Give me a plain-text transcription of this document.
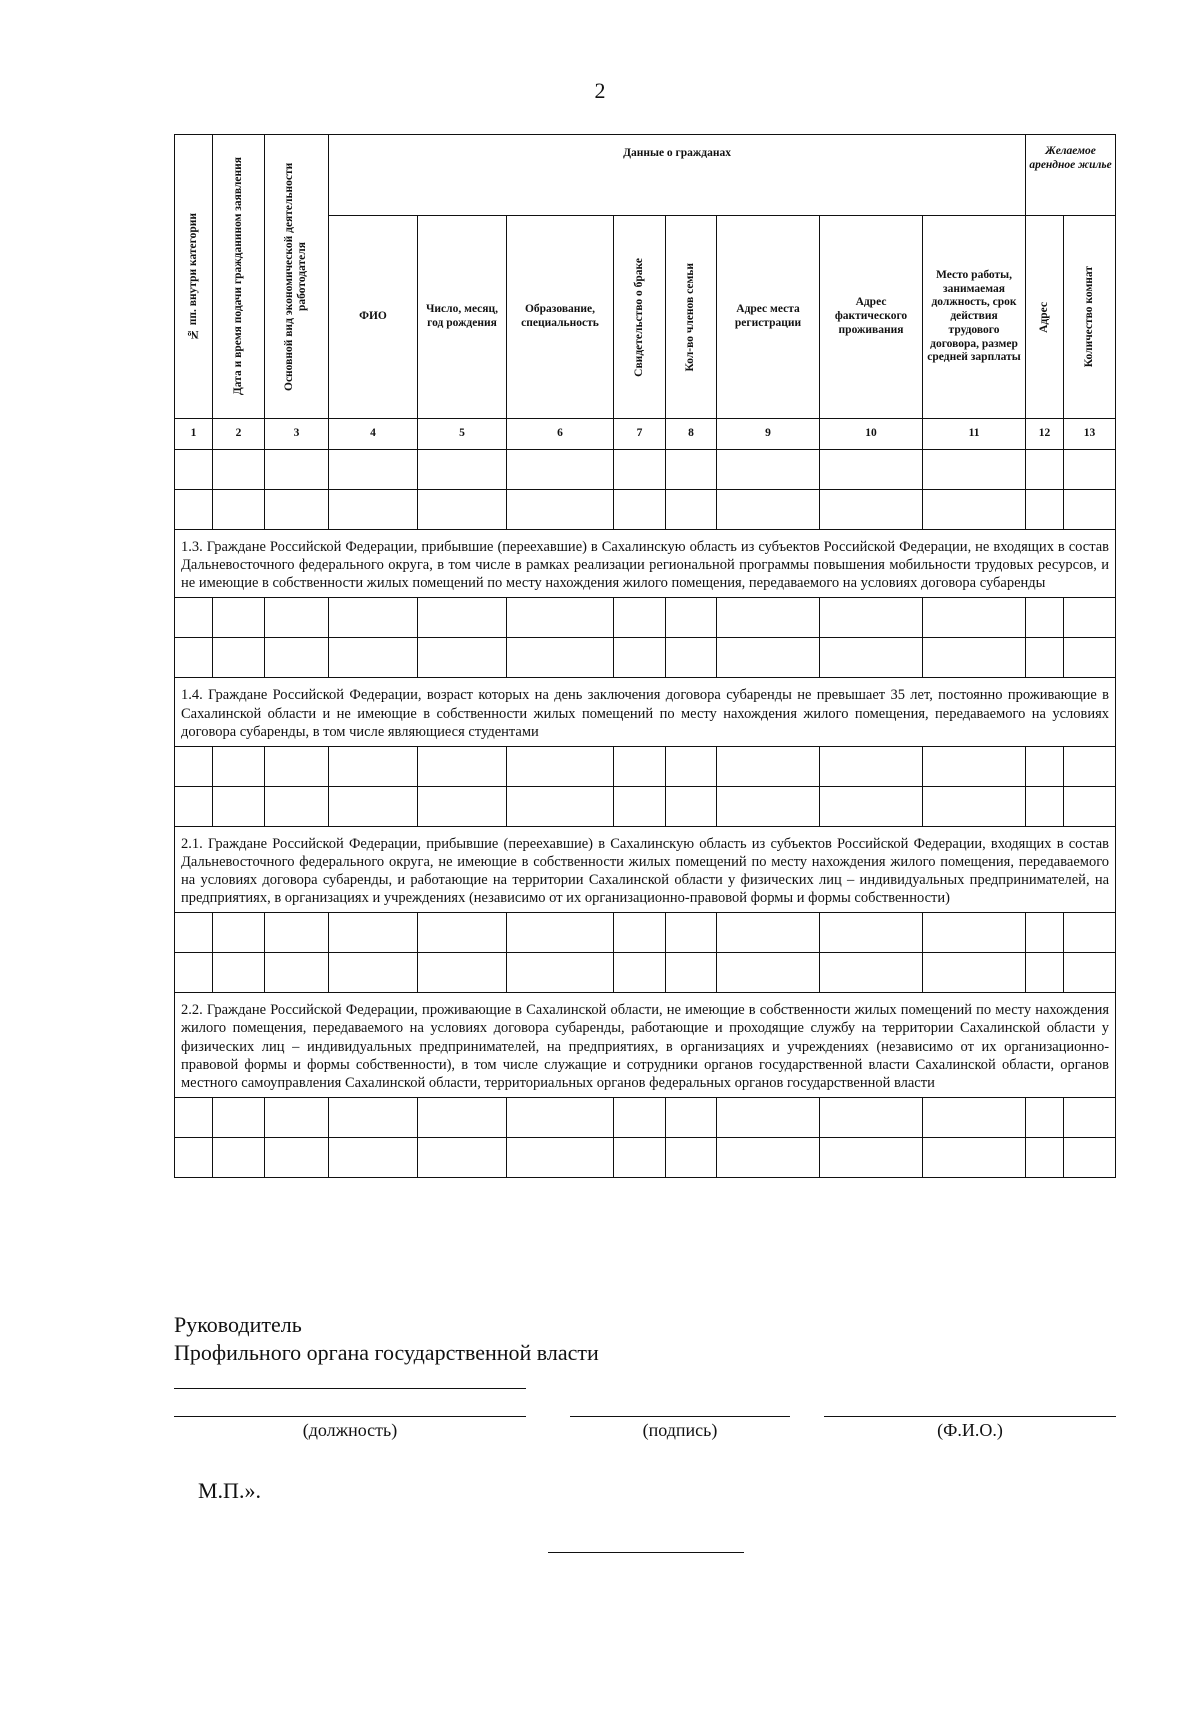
2
№ пп. внутри категории	Дата и время подачи гражданином заявления	Основной вид экономической деятельности работодателя	Данные о гражданах								Желаемое арендное жилье	
			ФИО	Число, месяц, год рождения	Образование, специальность	Свидетельство о браке	Кол-во членов семьи	Адрес места регистрации	Адрес фактического проживания	Место работы, занимаемая должность, срок действия трудового договора, размер средней зарплаты	Адрес	Количество комнат

1	2	3	4	5	6	7	8	9	10	11	12	13

1.3. Граждане Российской Федерации, прибывшие (переехавшие) в Сахалинскую область из субъектов Российской Федерации, не входящих в состав Дальневосточного федерального округа, в том числе в рамках реализации региональной программы повышения мобильности трудовых ресурсов, и не имеющие в собственности жилых помещений по месту нахождения жилого помещения, передаваемого на условиях договора субаренды												

1.4. Граждане Российской Федерации, возраст которых на день заключения договора субаренды не превышает 35 лет, постоянно проживающие в Сахалинской области и не имеющие в собственности жилых помещений по месту нахождения жилого помещения, передаваемого на условиях договора субаренды, в том числе являющиеся студентами												

2.1. Граждане Российской Федерации, прибывшие (переехавшие) в Сахалинскую область из субъектов Российской Федерации, входящих в состав Дальневосточного федерального округа, не имеющие в собственности жилых помещений по месту нахождения жилого помещения, передаваемого на условиях договора субаренды, и работающие на территории Сахалинской области у физических лиц – индивидуальных предпринимателей, на предприятиях, в организациях и учреждениях (независимо от их организационно-правовой формы и формы собственности)												

2.2. Граждане Российской Федерации, проживающие в Сахалинской области, не имеющие в собственности жилых помещений по месту нахождения жилого помещения, передаваемого на условиях договора субаренды, работающие и проходящие службу на территории Сахалинской области у физических лиц – индивидуальных предпринимателей, на предприятиях, в организациях и учреждениях (независимо от их организационно-правовой формы и формы собственности), в том числе служащие и сотрудники органов государственной власти Сахалинской области, органов местного самоуправления Сахалинской области, территориальных органов федеральных органов государственной власти												

Руководитель
Профильного органа государственной власти
(должность)	(подпись)	(Ф.И.О.)
М.П.».
